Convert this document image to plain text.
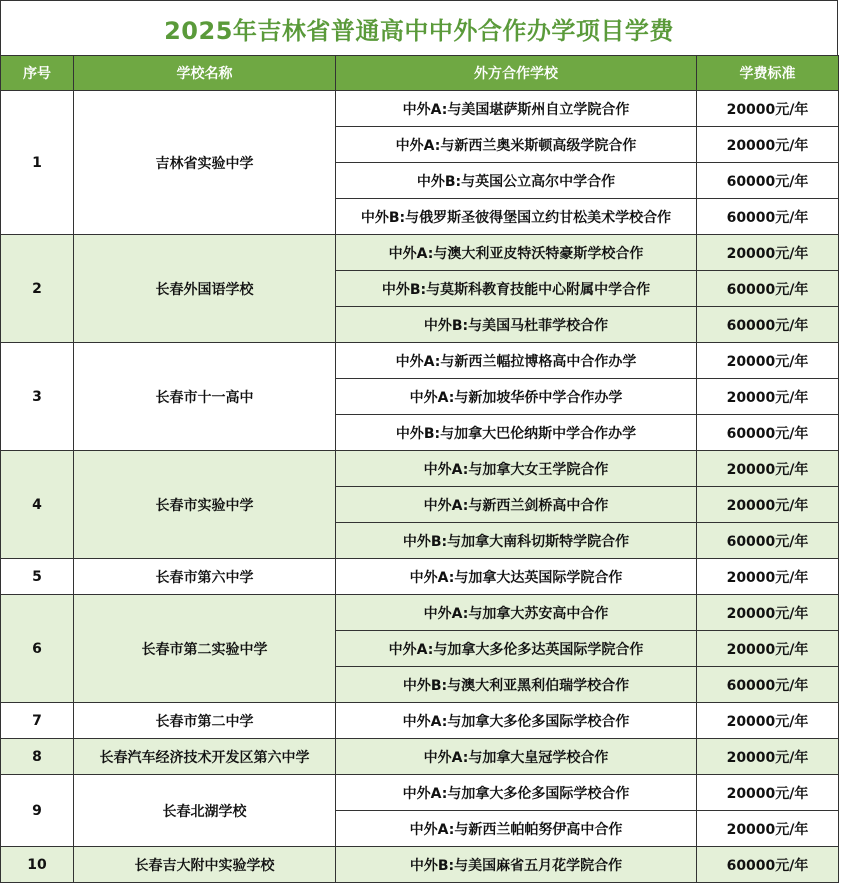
2025年吉林省普通高中中外合作办学项目学费
序号	学校名称	外方合作学校	学费标准
1	吉林省实验中学	中外A:与美国堪萨斯州自立学院合作	20000元/年
		中外A:与新西兰奥米斯顿高级学院合作	20000元/年
		中外B:与英国公立高尔中学合作	60000元/年
		中外B:与俄罗斯圣彼得堡国立约甘松美术学校合作	60000元/年
2	长春外国语学校	中外A:与澳大利亚皮特沃特豪斯学校合作	20000元/年
		中外B:与莫斯科教育技能中心附属中学合作	60000元/年
		中外B:与美国马杜菲学校合作	60000元/年
3	长春市十一高中	中外A:与新西兰幅拉博格高中合作办学	20000元/年
		中外A:与新加坡华侨中学合作办学	20000元/年
		中外B:与加拿大巴伦纳斯中学合作办学	60000元/年
4	长春市实验中学	中外A:与加拿大女王学院合作	20000元/年
		中外A:与新西兰剑桥高中合作	20000元/年
		中外B:与加拿大南科切斯特学院合作	60000元/年
5	长春市第六中学	中外A:与加拿大达英国际学院合作	20000元/年
6	长春市第二实验中学	中外A:与加拿大苏安高中合作	20000元/年
		中外A:与加拿大多伦多达英国际学院合作	20000元/年
		中外B:与澳大利亚黑利伯瑞学校合作	60000元/年
7	长春市第二中学	中外A:与加拿大多伦多国际学校合作	20000元/年
8	长春汽车经济技术开发区第六中学	中外A:与加拿大皇冠学校合作	20000元/年
9	长春北湖学校	中外A:与加拿大多伦多国际学校合作	20000元/年
		中外A:与新西兰帕帕努伊高中合作	20000元/年
10	长春吉大附中实验学校	中外B:与美国麻省五月花学院合作	60000元/年
